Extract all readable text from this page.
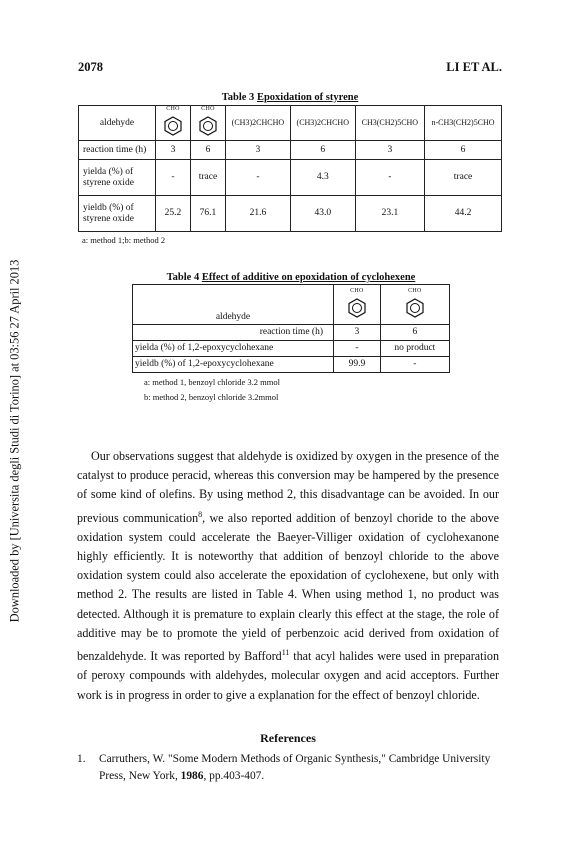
Downloaded by [Universita degli Studi di Torino] at 03:56 27 April 2013
2078	LI ET AL.
Table 3 Epoxidation of styrene
aldehyde	CHO	CHO	(CH3)2CHCHO	(CH3)2CHCHO	CH3(CH2)5CHO	n-CH3(CH2)5CHO
reaction time (h)	3	6	3	6	3	6
yielda (%) of styrene oxide	-	trace	-	4.3	-	trace
yieldb (%) of styrene oxide	25.2	76.1	21.6	43.0	23.1	44.2
a: method 1;b: method 2
Table 4 Effect of additive on epoxidation of cyclohexene
aldehyde	CHO	CHO

reaction time (h)	3	6
yielda (%) of 1,2-epoxycyclohexane	-	no product
yieldb (%) of 1,2-epoxycyclohexane	99.9	-
a: method 1, benzoyl chloride 3.2 mmol
b: method 2, benzoyl chloride 3.2mmol

Our observations suggest that aldehyde is oxidized by oxygen in the presence of the catalyst to produce peracid, whereas this conversion may be hampered by the presence of some kind of olefins. By using method 2, this disadvantage can be avoided. In our previous communication$^8$, we also reported addition of benzoyl choride to the above oxidation system could accelerate the Baeyer-Villiger oxidation of cyclohexanone highly efficiently. It is noteworthy that addition of benzoyl chloride to the above oxidation system could also accelerate the epoxidation of cyclohexene, but only with method 2. The results are listed in Table 4. When using method 1, no product was detected. Although it is premature to explain clearly this effect at the stage, the role of additive may be to promote the yield of perbenzoic acid derived from oxidation of benzaldehyde. It was reported by Bafford$^{11}$ that acyl halides were used in preparation of peroxy compounds with aldehydes, molecular oxygen and acid acceptors. Further work is in progress in order to give a explanation for the effect of benzoyl chloride.

References
1. Carruthers, W. "Some Modern Methods of Organic Synthesis," Cambridge University Press, New York, 1986, pp.403-407.
